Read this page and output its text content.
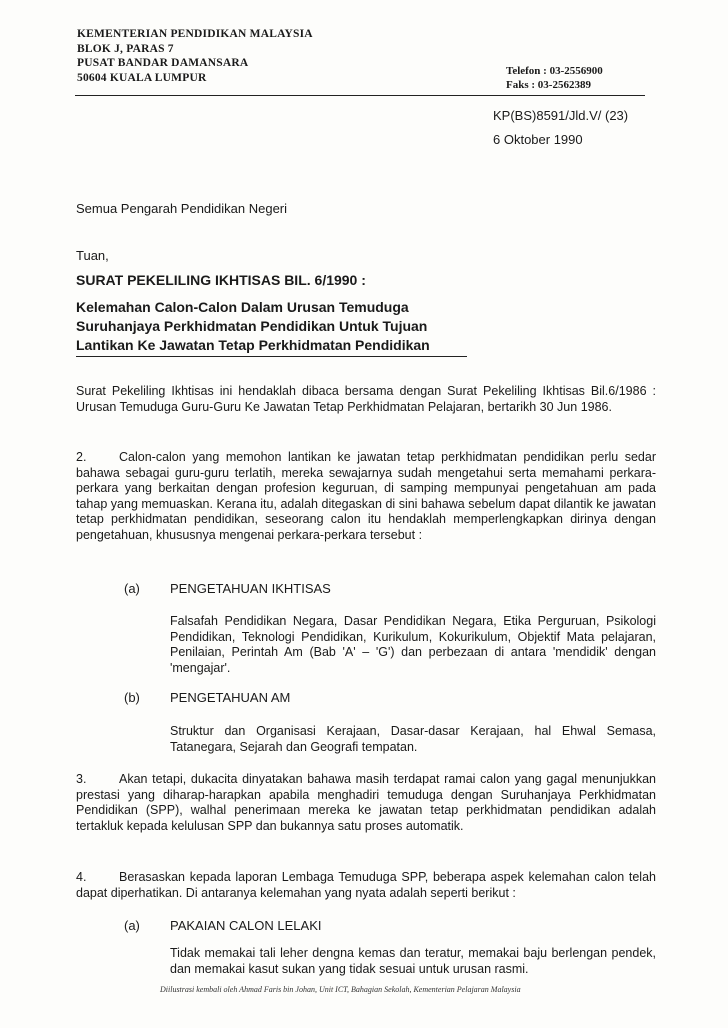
KEMENTERIAN PENDIDIKAN MALAYSIA
BLOK J, PARAS 7
PUSAT BANDAR DAMANSARA
50604 KUALA LUMPUR
Telefon : 03-2556900
Faks : 03-2562389
KP(BS)8591/Jld.V/ (23)
6 Oktober 1990
Semua Pengarah Pendidikan Negeri
Tuan,
SURAT PEKELILING IKHTISAS BIL. 6/1990 :
Kelemahan Calon-Calon Dalam Urusan Temuduga
Suruhanjaya Perkhidmatan Pendidikan Untuk Tujuan
Lantikan Ke Jawatan Tetap Perkhidmatan Pendidikan
Surat Pekeliling Ikhtisas ini hendaklah dibaca bersama dengan Surat Pekeliling Ikhtisas Bil.6/1986 : Urusan Temuduga Guru-Guru Ke Jawatan Tetap Perkhidmatan Pelajaran, bertarikh 30 Jun 1986.
2.	Calon-calon yang memohon lantikan ke jawatan tetap perkhidmatan pendidikan perlu sedar bahawa sebagai guru-guru terlatih, mereka sewajarnya sudah mengetahui serta memahami perkara-perkara yang berkaitan dengan profesion keguruan, di samping mempunyai pengetahuan am pada tahap yang memuaskan. Kerana itu, adalah ditegaskan di sini bahawa sebelum dapat dilantik ke jawatan tetap perkhidmatan pendidikan, seseorang calon itu hendaklah memperlengkapkan dirinya dengan pengetahuan, khususnya mengenai perkara-perkara tersebut :
(a) PENGETAHUAN IKHTISAS
Falsafah Pendidikan Negara, Dasar Pendidikan Negara, Etika Perguruan, Psikologi Pendidikan, Teknologi Pendidikan, Kurikulum, Kokurikulum, Objektif Mata pelajaran, Penilaian, Perintah Am (Bab 'A' – 'G') dan perbezaan di antara 'mendidik' dengan 'mengajar'.
(b) PENGETAHUAN AM
Struktur dan Organisasi Kerajaan, Dasar-dasar Kerajaan, hal Ehwal Semasa, Tatanegara, Sejarah dan Geografi tempatan.
3.	Akan tetapi, dukacita dinyatakan bahawa masih terdapat ramai calon yang gagal menunjukkan prestasi yang diharap-harapkan apabila menghadiri temuduga dengan Suruhanjaya Perkhidmatan Pendidikan (SPP), walhal penerimaan mereka ke jawatan tetap perkhidmatan pendidikan adalah tertakluk kepada kelulusan SPP dan bukannya satu proses automatik.
4.	Berasaskan kepada laporan Lembaga Temuduga SPP, beberapa aspek kelemahan calon telah dapat diperhatikan. Di antaranya kelemahan yang nyata adalah seperti berikut :
(a) PAKAIAN CALON LELAKI
Tidak memakai tali leher dengna kemas dan teratur, memakai baju berlengan pendek, dan memakai kasut sukan yang tidak sesuai untuk urusan rasmi.
Diilustrasi kembali oleh Ahmad Faris bin Johan, Unit ICT, Bahagian Sekolah, Kementerian Pelajaran Malaysia
